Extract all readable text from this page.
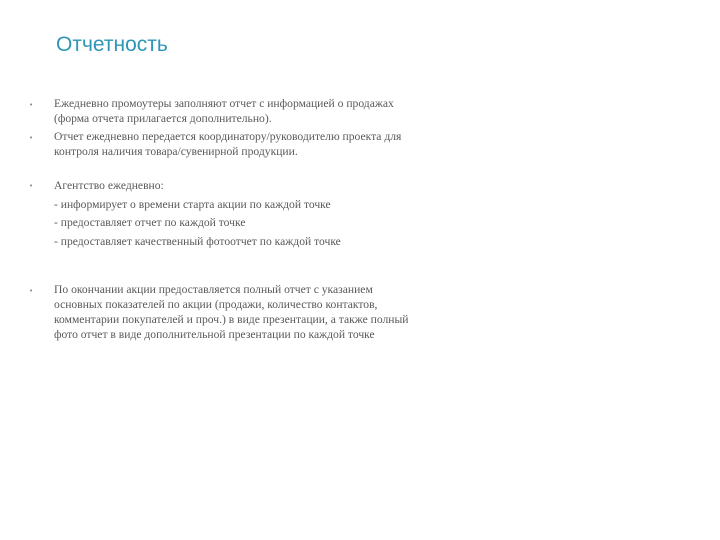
Отчетность
• Ежедневно промоутеры заполняют отчет с информацией о продажах
(форма отчета прилагается дополнительно).
• Отчет ежедневно передается координатору/руководителю проекта для
контроля наличия товара/сувенирной продукции.
• Агентство ежедневно:
- информирует о времени старта акции по каждой точке
- предоставляет отчет по каждой точке
- предоставляет качественный фотоотчет по каждой точке
• По окончании акции предоставляется полный отчет с указанием
основных показателей по акции (продажи, количество контактов,
комментарии покупателей и проч.) в виде презентации, а также полный
фото отчет в виде дополнительной презентации по каждой точке
